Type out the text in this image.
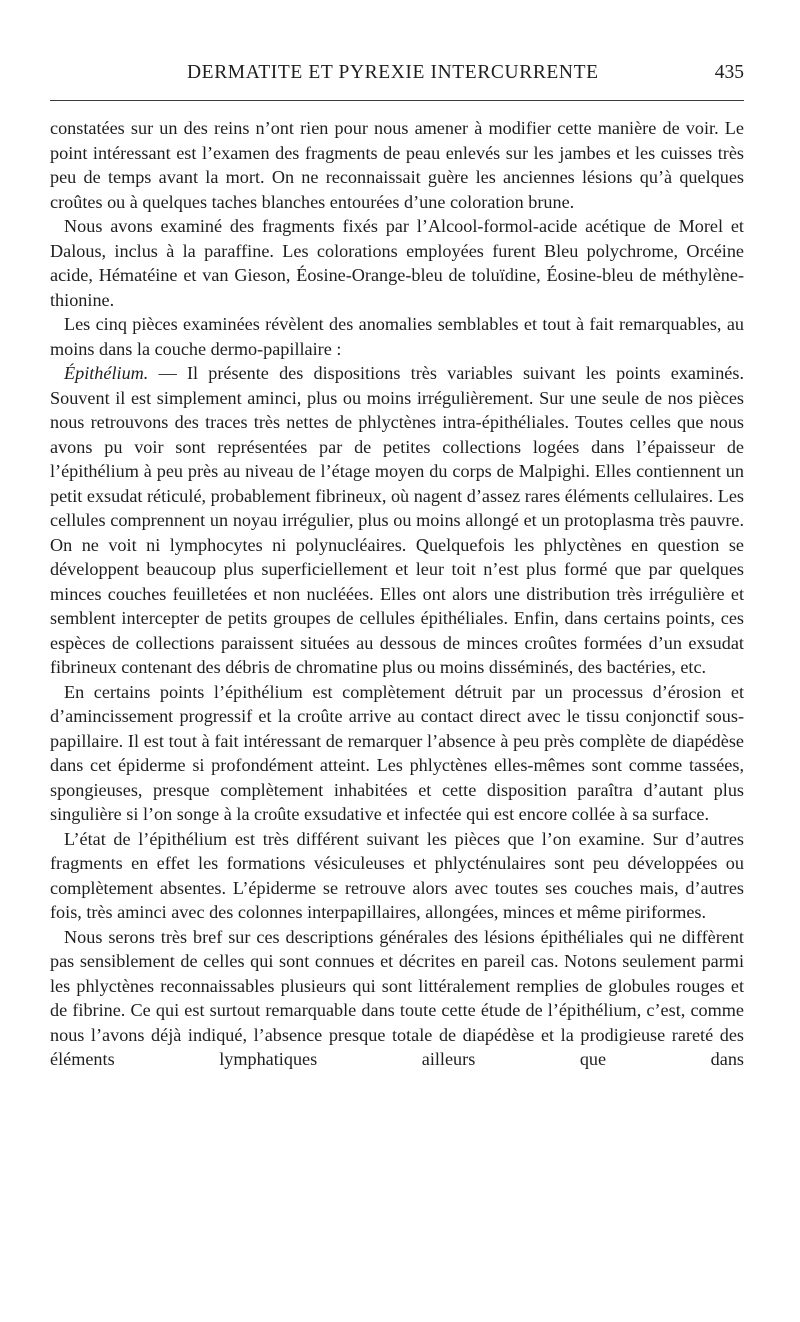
DERMATITE ET PYREXIE INTERCURRENTE	435

constatées sur un des reins n’ont rien pour nous amener à modifier cette manière de voir. Le point intéressant est l’examen des fragments de peau enlevés sur les jambes et les cuisses très peu de temps avant la mort. On ne reconnaissait guère les anciennes lésions qu’à quelques croûtes ou à quelques taches blanches entourées d’une coloration brune.

Nous avons examiné des fragments fixés par l’Alcool-formol-acide acétique de Morel et Dalous, inclus à la paraffine. Les colorations employées furent Bleu polychrome, Orcéine acide, Hématéine et van Gieson, Éosine-Orange-bleu de toluïdine, Éosine-bleu de méthylène-thionine.

Les cinq pièces examinées révèlent des anomalies semblables et tout à fait remarquables, au moins dans la couche dermo-papillaire :

Épithélium. — Il présente des dispositions très variables suivant les points examinés. Souvent il est simplement aminci, plus ou moins irrégulièrement. Sur une seule de nos pièces nous retrouvons des traces très nettes de phlyctènes intra-épithéliales. Toutes celles que nous avons pu voir sont représentées par de petites collections logées dans l’épaisseur de l’épithélium à peu près au niveau de l’étage moyen du corps de Malpighi. Elles contiennent un petit exsudat réticulé, probablement fibrineux, où nagent d’assez rares éléments cellulaires. Les cellules comprennent un noyau irrégulier, plus ou moins allongé et un protoplasma très pauvre. On ne voit ni lymphocytes ni polynucléaires. Quelquefois les phlyctènes en question se développent beaucoup plus superficiellement et leur toit n’est plus formé que par quelques minces couches feuilletées et non nucléées. Elles ont alors une distribution très irrégulière et semblent intercepter de petits groupes de cellules épithéliales. Enfin, dans certains points, ces espèces de collections paraissent situées au dessous de minces croûtes formées d’un exsudat fibrineux contenant des débris de chromatine plus ou moins disséminés, des bactéries, etc.

En certains points l’épithélium est complètement détruit par un processus d’érosion et d’amincissement progressif et la croûte arrive au contact direct avec le tissu conjonctif sous-papillaire. Il est tout à fait intéressant de remarquer l’absence à peu près complète de diapédèse dans cet épiderme si profondément atteint. Les phlyctènes elles-mêmes sont comme tassées, spongieuses, presque complètement inhabitées et cette disposition paraîtra d’autant plus singulière si l’on songe à la croûte exsudative et infectée qui est encore collée à sa surface.

L’état de l’épithélium est très différent suivant les pièces que l’on examine. Sur d’autres fragments en effet les formations vésiculeuses et phlycténulaires sont peu développées ou complètement absentes. L’épiderme se retrouve alors avec toutes ses couches mais, d’autres fois, très aminci avec des colonnes interpapillaires, allongées, minces et même piriformes.

Nous serons très bref sur ces descriptions générales des lésions épithéliales qui ne diffèrent pas sensiblement de celles qui sont connues et décrites en pareil cas. Notons seulement parmi les phlyctènes reconnaissables plusieurs qui sont littéralement remplies de globules rouges et de fibrine. Ce qui est surtout remarquable dans toute cette étude de l’épithélium, c’est, comme nous l’avons déjà indiqué, l’absence presque totale de diapédèse et la prodigieuse rareté des éléments lymphatiques ailleurs que dans
